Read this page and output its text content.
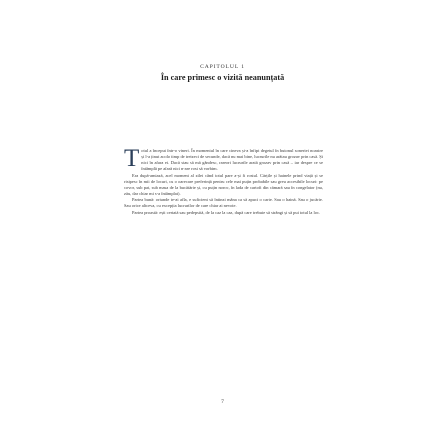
CAPITOLUL 1
În care primesc o vizită neanunțată

Totul a început într-o vineri. În momentul în care cineva și-a înfipt degetul în butonul soneriei noastre și l-a ținut acolo timp de treizeci de secunde, dacă nu mai bine, lucrurile nu arătau grozav prin casă. Și nici în afara ei. Dacă stau să mă gândesc, rareori lucrurile arată grozav prin casă – iar despre ce se întâmplă pe afară nici n-are rost să vorbim.

Era după-amiază, acel moment al zilei când totul pare a-și fi rostul. Cărțile și hainele prind viață și se risipesc în mii de locuri, cu o oarecare preferință pentru cele mai puțin probabile sau greu accesibile locuri: pe covor, sub pat, sub masa de la bucătărie și, cu puțin noroc, în lada de cartofi din cămară sau în congelator (nu, zău, dar chiar mi s-a întâmplat).

Partea bună: oriunde te-ai afla, e suficient să întinzi mâna ca să apuci o carte. Sau o haină. Sau o jucărie. Sau orice altceva, cu excepția lucrurilor de care chiar ai nevoie.

Partea proastă: ești certată sau pedepsită, de la caz la caz, după care trebuie să strângi și să pui totul la loc.

7
